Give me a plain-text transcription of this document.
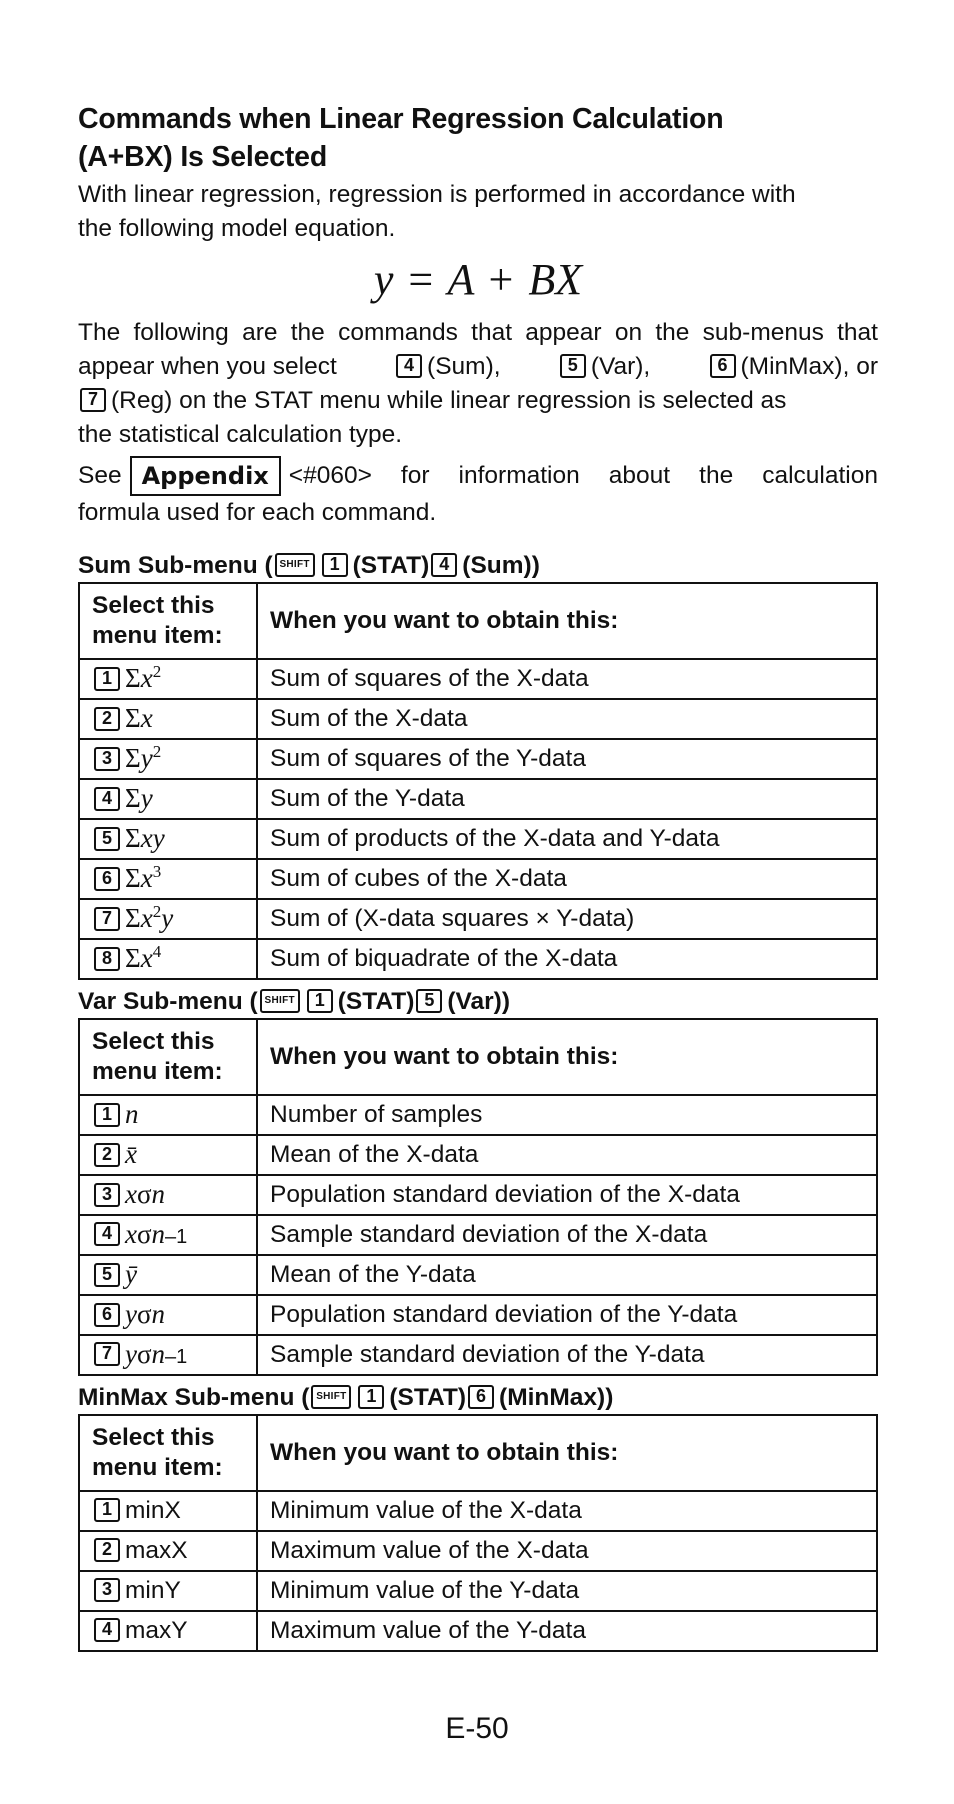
Commands when Linear Regression Calculation
(A+BX) Is Selected

With linear regression, regression is performed in accordance with
the following model equation.

y = A + BX

The following are the commands that appear on the sub-menus that
appear when you select	4 (Sum),	5 (Var),	6 (MinMax), or
7 (Reg) on the STAT menu while linear regression is selected as
the statistical calculation type.

See Appendix <#060> for information about the calculation
formula used for each command.

Sum Sub-menu ( SHIFT 1 (STAT) 4 (Sum))
Select this
menu item:	When you want to obtain this:
1 $\Sigma x^2$	Sum of squares of the X-data
2 Σx	Sum of the X-data
3 $\Sigma y^2$	Sum of squares of the Y-data
4 Σy	Sum of the Y-data
5 Σxy	Sum of products of the X-data and Y-data
6 $\Sigma x^3$	Sum of cubes of the X-data
7 $\Sigma x^2y$	Sum of (X-data squares × Y-data)
8 $\Sigma x^4$	Sum of biquadrate of the X-data
Var Sub-menu ( SHIFT 1 (STAT) 5 (Var))
Select this
menu item:	When you want to obtain this:
1 n	Number of samples
2 x̄	Mean of the X-data
3 xσn	Population standard deviation of the X-data
4 xσn–1	Sample standard deviation of the X-data
5 ȳ	Mean of the Y-data
6 yσn	Population standard deviation of the Y-data
7 yσn–1	Sample standard deviation of the Y-data
MinMax Sub-menu ( SHIFT 1 (STAT) 6 (MinMax))
Select this
menu item:	When you want to obtain this:
1 minX	Minimum value of the X-data
2 maxX	Maximum value of the X-data
3 minY	Minimum value of the Y-data
4 maxY	Maximum value of the Y-data
E-50
